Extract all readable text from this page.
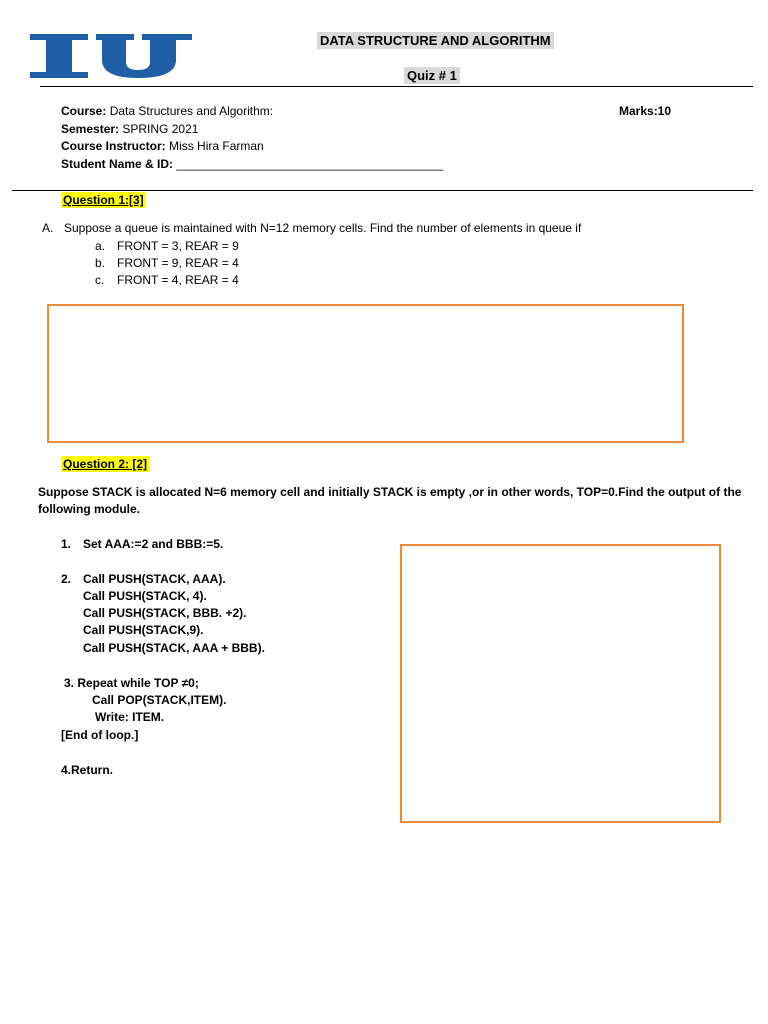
DATA STRUCTURE AND ALGORITHM
Quiz # 1
Course: Data Structures and Algorithm:	Marks:10
Semester: SPRING 2021
Course Instructor: Miss Hira Farman
Student Name & ID: ________________________________________
Question 1:[3]
A. Suppose a queue is maintained with N=12 memory cells. Find the number of elements in queue if
a. FRONT = 3, REAR = 9
b. FRONT = 9, REAR = 4
c. FRONT = 4, REAR = 4
Question 2: [2]
Suppose STACK is allocated N=6 memory cell and initially STACK is empty ,or in other words, TOP=0.Find the output of the
following module.
1. Set AAA:=2 and BBB:=5.
2. Call PUSH(STACK, AAA).
Call PUSH(STACK, 4).
Call PUSH(STACK, BBB. +2).
Call PUSH(STACK,9).
Call PUSH(STACK, AAA + BBB).
3. Repeat while TOP ≠0;
Call POP(STACK,ITEM).
Write: ITEM.
[End of loop.]
4.Return.
